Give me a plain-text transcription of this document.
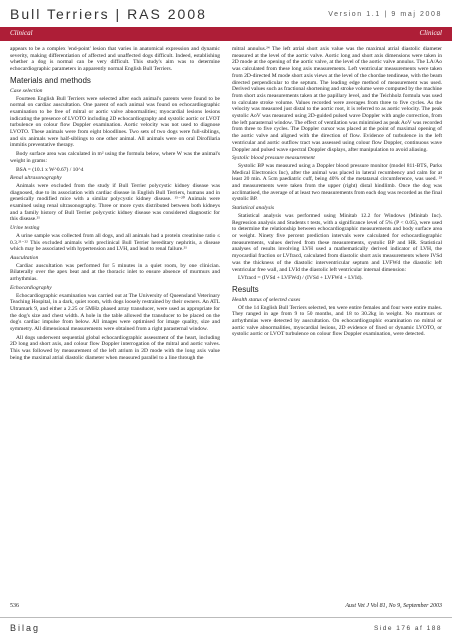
Bull Terriers | RAS 2008	Version 1.1 | 9 maj 2008
Clinical	Clinical

appears to be a complex 'end-point' lesion that varies in anatomical expression and dynamic severity, making differentiation of affected and unaffected dogs difficult. Indeed, establishing whether a dog is normal can be very difficult. This study's aim was to determine echocardiographic parameters in apparently normal English Bull Terriers.

Materials and methods
Case selection

Fourteen English Bull Terriers were selected after each animal's parents were found to be normal on cardiac auscultation. One parent of each animal was found on echocardiographic examination to be free of mitral or aortic valve abnormalities; myocardial lesions lesions indicating the presence of LVOTO including 2D echocardiography and systolic aortic or LVOT turbulence on colour flow Doppler examination. Aortic velocity was not used to diagnose LVOTO. These animals were from eight bloodlines. Two sets of two dogs were full-siblings, and six animals were half-siblings to one other animal. All animals were on oral Dirofilaria immitis preventative therapy.

Body surface area was calculated in m² using the formula below, where W was the animal's weight in grams:

BSA = (10.1 x W^0.67) / 10^4
Renal ultrasonography

Animals were excluded from the study if Bull Terrier polycystic kidney disease was diagnosed, due to its association with cardiac disease in English Bull Terriers, humans and in genetically modified mice with a similar polycystic kidney disease. ¹⁵⁻²⁰ Animals were examined using renal ultrasonography. Three or more cysts distributed between both kidneys and a family history of Bull Terrier polycystic kidney disease was considered diagnostic for this disease.²¹

Urine testing

A urine sample was collected from all dogs, and all animals had a protein creatinine ratio ≤ 0.3.²¹⁻²² This excluded animals with preclinical Bull Terrier hereditary nephritis, a disease which may be associated with hypertension and LVH, and lead to renal failure.²¹

Auscultation

Cardiac auscultation was performed for 5 minutes in a quiet room, by one clinician. Bilaterally over the apex beat and at the thoracic inlet to ensure absence of murmurs and arrhythmias.

Echocardiography

Echocardiographic examination was carried out at The University of Queensland Veterinary Teaching Hospital, in a dark, quiet room, with dogs loosely restrained by their owners. An ATL Ultramark 9, and either a 2.25 or 5MHz phased array transducer, were used as appropriate for the dog's size and chest width. A hole in the table allowed the transducer to be placed on the dog's cardiac impulse from below. All images were optimised for image quality, size and symmetry. All dimensional measurements were obtained from a right parasternal window.

All dogs underwent sequential global echocardiographic assessment of the heart, including 2D long and short axis, and colour flow Doppler interrogation of the mitral and aortic valves. This was followed by measurement of the left atrium in 2D mode with the long axis value being the maximal atrial diastolic diameter when measured parallel to a line through the

mitral annulus.²⁴ The left atrial short axis value was the maximal atrial diastolic diameter measured at the level of the aortic valve. Aortic long and short axis dimensions were taken in 2D mode at the opening of the aortic valve, at the level of the aortic valve annulus. The LA/Ao was calculated from these long axis measurements. Left ventricular measurements were taken from 2D-directed M mode short axis views at the level of the chordae tendineae, with the beam directed perpendicular to the septum. The leading edge method of measurement was used. Derived values such as fractional shortening and stroke volume were computed by the machine from short axis measurements taken at the papillary level, and the Teichholz formula was used to calculate stroke volume. Values recorded were averages from three to five cycles. As the velocity was measured just distal to the aortic root, it is referred to as aortic velocity. The peak systolic AoV was measured using 2D-guided pulsed wave Doppler with angle correction, from the left parasternal window. The effect of ventilation was minimised as peak AoV was recorded from three to five cycles. The Doppler cursor was placed at the point of maximal opening of the aortic valve and aligned with the direction of flow. Evidence of turbulence in the left ventricular and aortic outflow tract was assessed using colour flow Doppler, continuous wave Doppler and pulsed wave spectral Doppler displays, after manipulation to avoid aliasing.

Systolic blood pressure measurement

Systolic BP was measured using a Doppler blood pressure monitor (model 811-BTS, Parks Medical Electronics Inc), after the animal was placed in lateral recumbency and calm for at least 20 min. A 5cm paediatric cuff, being 40% of the metatarsal circumference, was used. ²³ and measurements were taken from the upper (right) distal hindlimb. Once the dog was acclimatised, the average of at least two measurements from each dog was recorded as the final systolic BP.

Statistical analysis

Statistical analysis was performed using Minitab 12.2 for Windows (Minitab Inc). Regression analysis and Students t tests, with a significance level of 5% (P < 0.05), were used to determine the relationship between echocardiographic measurements and body surface area or weight. Ninety five percent prediction intervals were calculated for echocardiographic measurements, values derived from these measurements, systolic BP and HR. Statistical analyses of results involving LVH used a mathematically derived indicator of LVH, the myocardial fraction or LVfracd, calculated from diastolic short axis measurements where IVSd was the thickness of the diastolic interventricular septum and LVFWd the diastolic left ventricular free wall, and LVId the diastolic left ventricular internal dimension:

LVfracd = (IVSd + LVFWd) / (IVSd + LVFWd + LVId).
Results
Health status of selected cases

Of the 14 English Bull Terriers selected, ten were entire females and four were entire males. They ranged in age from 9 to 50 months, and 18 to 30.2kg in weight. No murmurs or arrhythmias were detected by auscultation. On echocardiographic examination no mitral or aortic valve abnormalities, myocardial lesions, 2D evidence of fixed or dynamic LVOTO, or systolic aortic or LVOT turbulence on colour flow Doppler examination, were detected.

536	Aust Vet J Vol 81, No 9, September 2003
Bilag	Side 176 af 188
